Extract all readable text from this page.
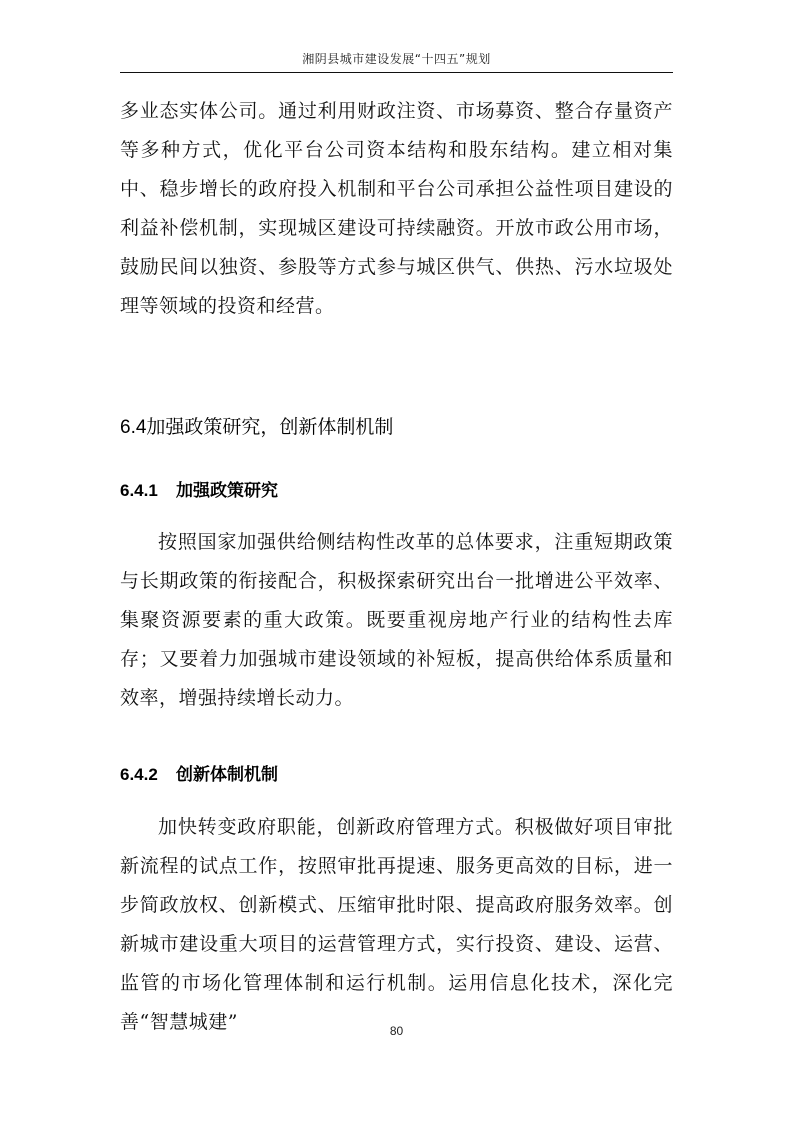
湘阴县城市建设发展“十四五”规划

多业态实体公司。通过利用财政注资、市场募资、整合存量资产等多种方式，优化平台公司资本结构和股东结构。建立相对集中、稳步增长的政府投入机制和平台公司承担公益性项目建设的利益补偿机制，实现城区建设可持续融资。开放市政公用市场，鼓励民间以独资、参股等方式参与城区供气、供热、污水垃圾处理等领域的投资和经营。

6.4加强政策研究，创新体制机制
6.4.1 加强政策研究

按照国家加强供给侧结构性改革的总体要求，注重短期政策与长期政策的衔接配合，积极探索研究出台一批增进公平效率、集聚资源要素的重大政策。既要重视房地产行业的结构性去库存；又要着力加强城市建设领域的补短板，提高供给体系质量和效率，增强持续增长动力。

6.4.2 创新体制机制

加快转变政府职能，创新政府管理方式。积极做好项目审批新流程的试点工作，按照审批再提速、服务更高效的目标，进一步简政放权、创新模式、压缩审批时限、提高政府服务效率。创新城市建设重大项目的运营管理方式，实行投资、建设、运营、监管的市场化管理体制和运行机制。运用信息化技术，深化完善“智慧城建”	80
